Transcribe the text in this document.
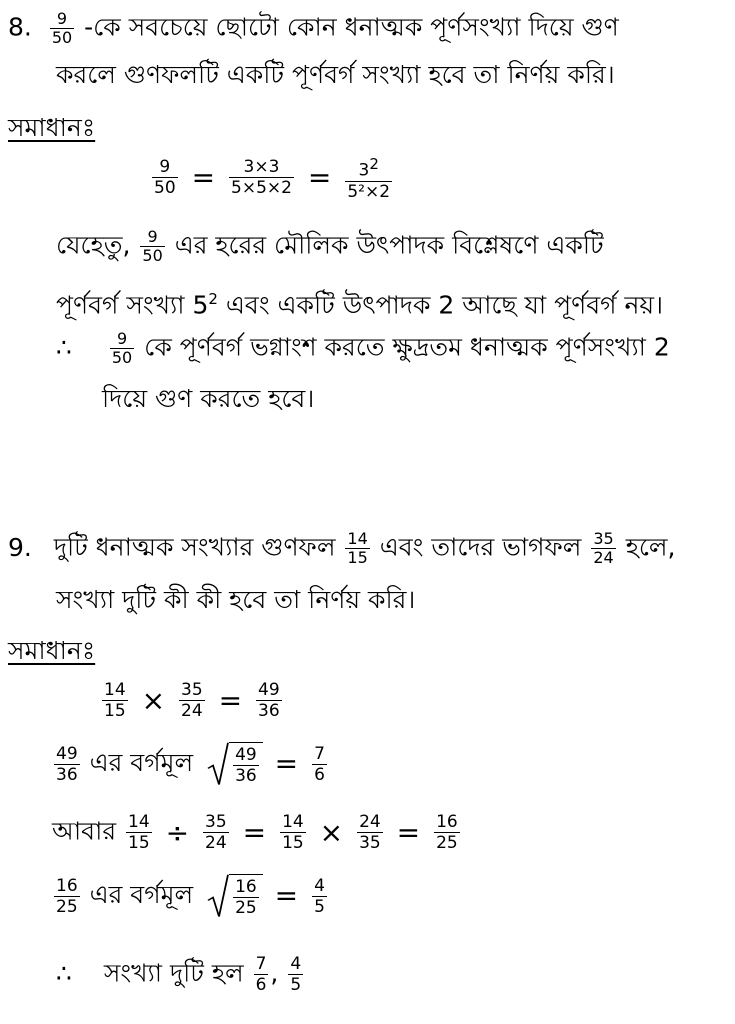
8. $\frac{9}{50}$ -কে সবচেয়ে ছোটো কোন ধনাত্মক পূর্ণসংখ্যা দিয়ে গুণ
করলে গুণফলটি একটি পূর্ণবর্গ সংখ্যা হবে তা নির্ণয় করি।
সমাধানঃ
$\frac{9}{50} = \frac{3\times 3}{5\times 5\times 2} = \frac{3^2}{\text{5²×2}}$
যেহেতু, $\frac{9}{50}$ এর হরের মৌলিক উৎপাদক বিশ্লেষণে একটি
পূর্ণবর্গ সংখ্যা $5^2$ এবং একটি উৎপাদক 2 আছে যা পূর্ণবর্গ নয়।
∴ $\frac{9}{50}$ কে পূর্ণবর্গ ভগ্নাংশ করতে ক্ষুদ্রতম ধনাত্মক পূর্ণসংখ্যা 2
দিয়ে গুণ করতে হবে।
9. দুটি ধনাত্মক সংখ্যার গুণফল $\frac{14}{15}$ এবং তাদের ভাগফল $\frac{35}{24}$ হলে,
সংখ্যা দুটি কী কী হবে তা নির্ণয় করি।
সমাধানঃ
$\frac{14}{15} \times \frac{35}{24} = \frac{49}{36}$
$\frac{49}{36}$ এর বর্গমূল $\frac{49}{36} = \frac{7}{6}$
আবার $\frac{14}{15} \div \frac{35}{24} = \frac{14}{15} \times \frac{24}{35} = \frac{16}{25}$
$\frac{16}{25}$ এর বর্গমূল $\frac{16}{25} = \frac{4}{5}$
∴ সংখ্যা দুটি হল $\frac{7}{6}$ , $\frac{4}{5}$
